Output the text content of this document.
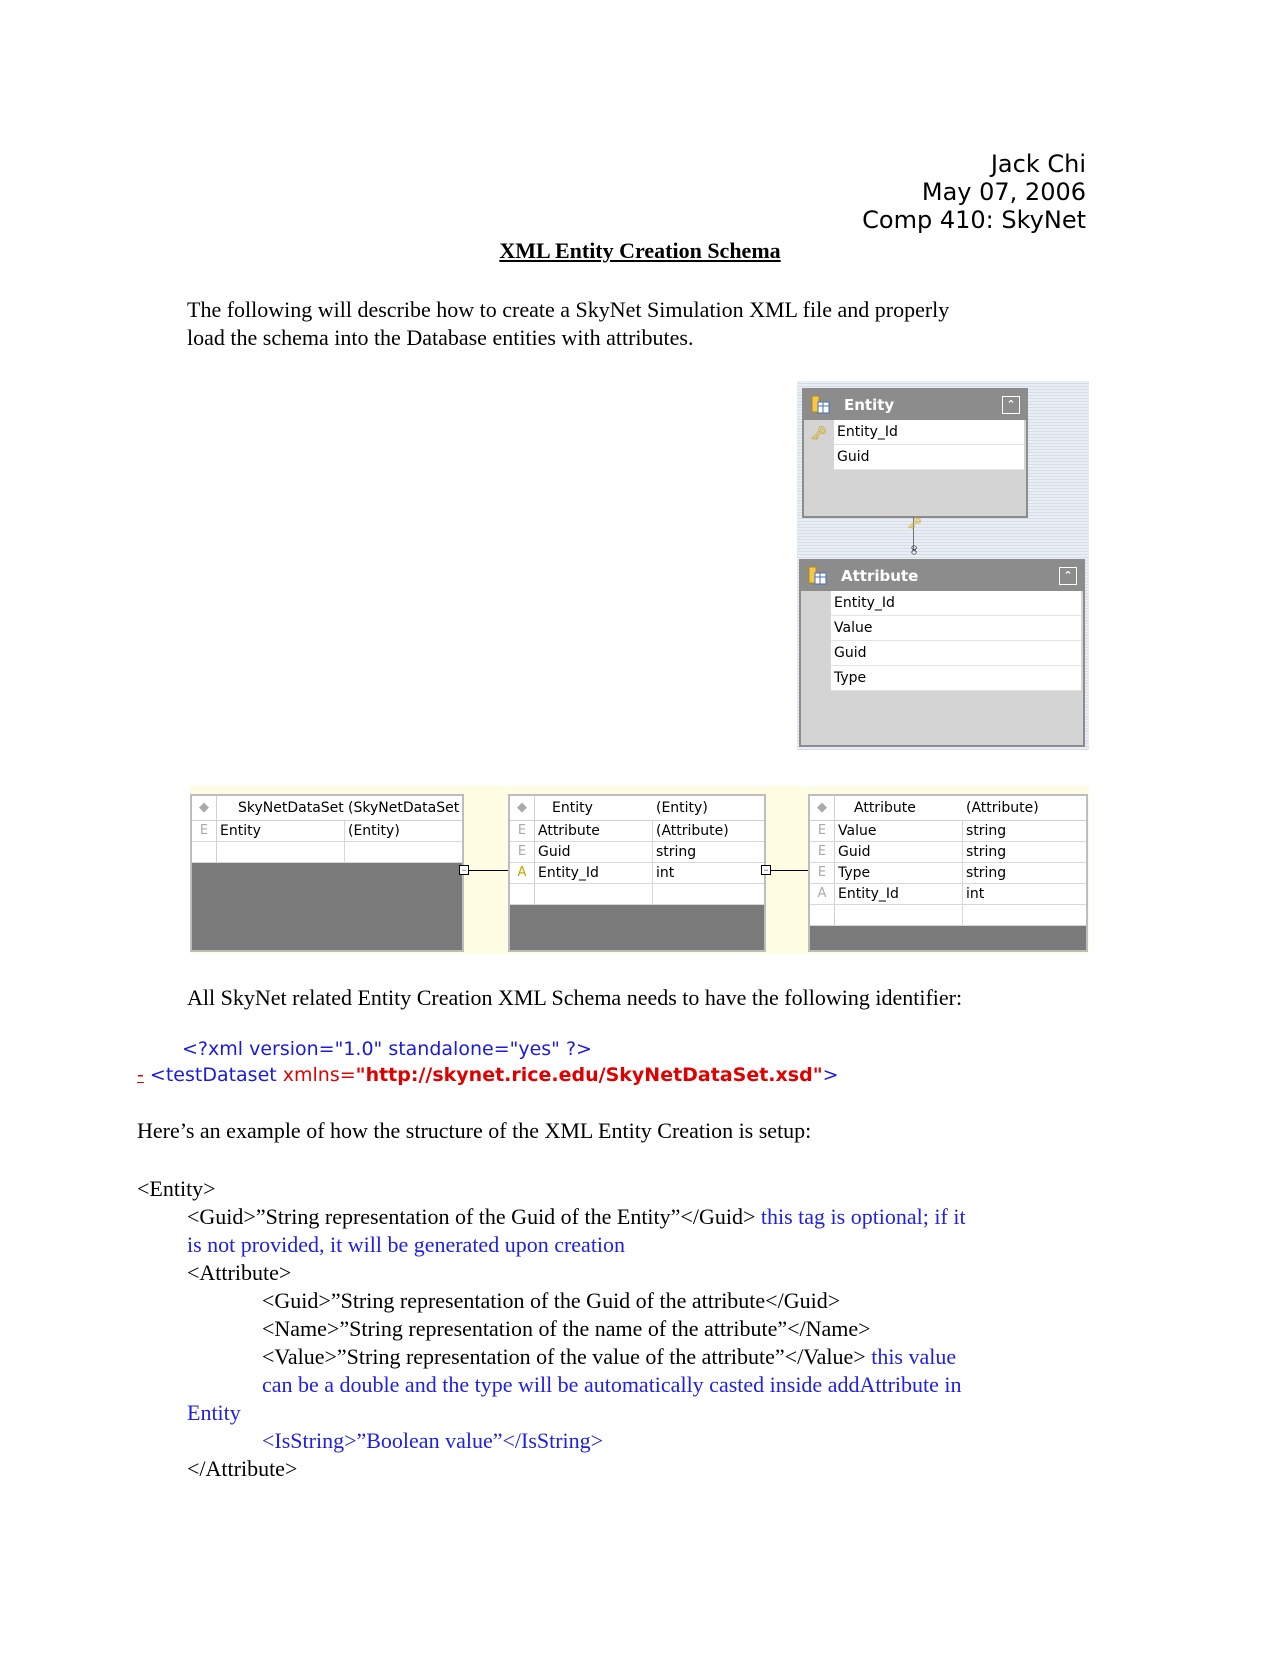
Jack Chi
May 07, 2006
Comp 410: SkyNet
XML Entity Creation Schema
The following will describe how to create a SkyNet Simulation XML file and properly
load the schema into the Database entities with attributes.
Entity	⌃
🗝 Entity_Id
Guid
🗝
∞
Attribute	⌃
Entity_Id
Value
Guid
Type
◆	SkyNetDataSet (SkyNetDataSet
E Entity	(Entity)
−
◆	Entity	(Entity)
E Attribute	(Attribute)
E Guid	string
A Entity_Id	int	−
◆	Attribute	(Attribute)
E Value	string
E Guid	string
E Type	string
A Entity_Id	int
All SkyNet related Entity Creation XML Schema needs to have the following identifier:
<?xml version="1.0" standalone="yes" ?>
- <testDataset xmlns="http://skynet.rice.edu/SkyNetDataSet.xsd">
Here’s an example of how the structure of the XML Entity Creation is setup:
<Entity>
<Guid>”String representation of the Guid of the Entity”</Guid> this tag is optional; if it
is not provided, it will be generated upon creation
<Attribute>
<Guid>”String representation of the Guid of the attribute</Guid>
<Name>”String representation of the name of the attribute”</Name>
<Value>”String representation of the value of the attribute”</Value> this value
can be a double and the type will be automatically casted inside addAttribute in
Entity
<IsString>”Boolean value”</IsString>
</Attribute>
